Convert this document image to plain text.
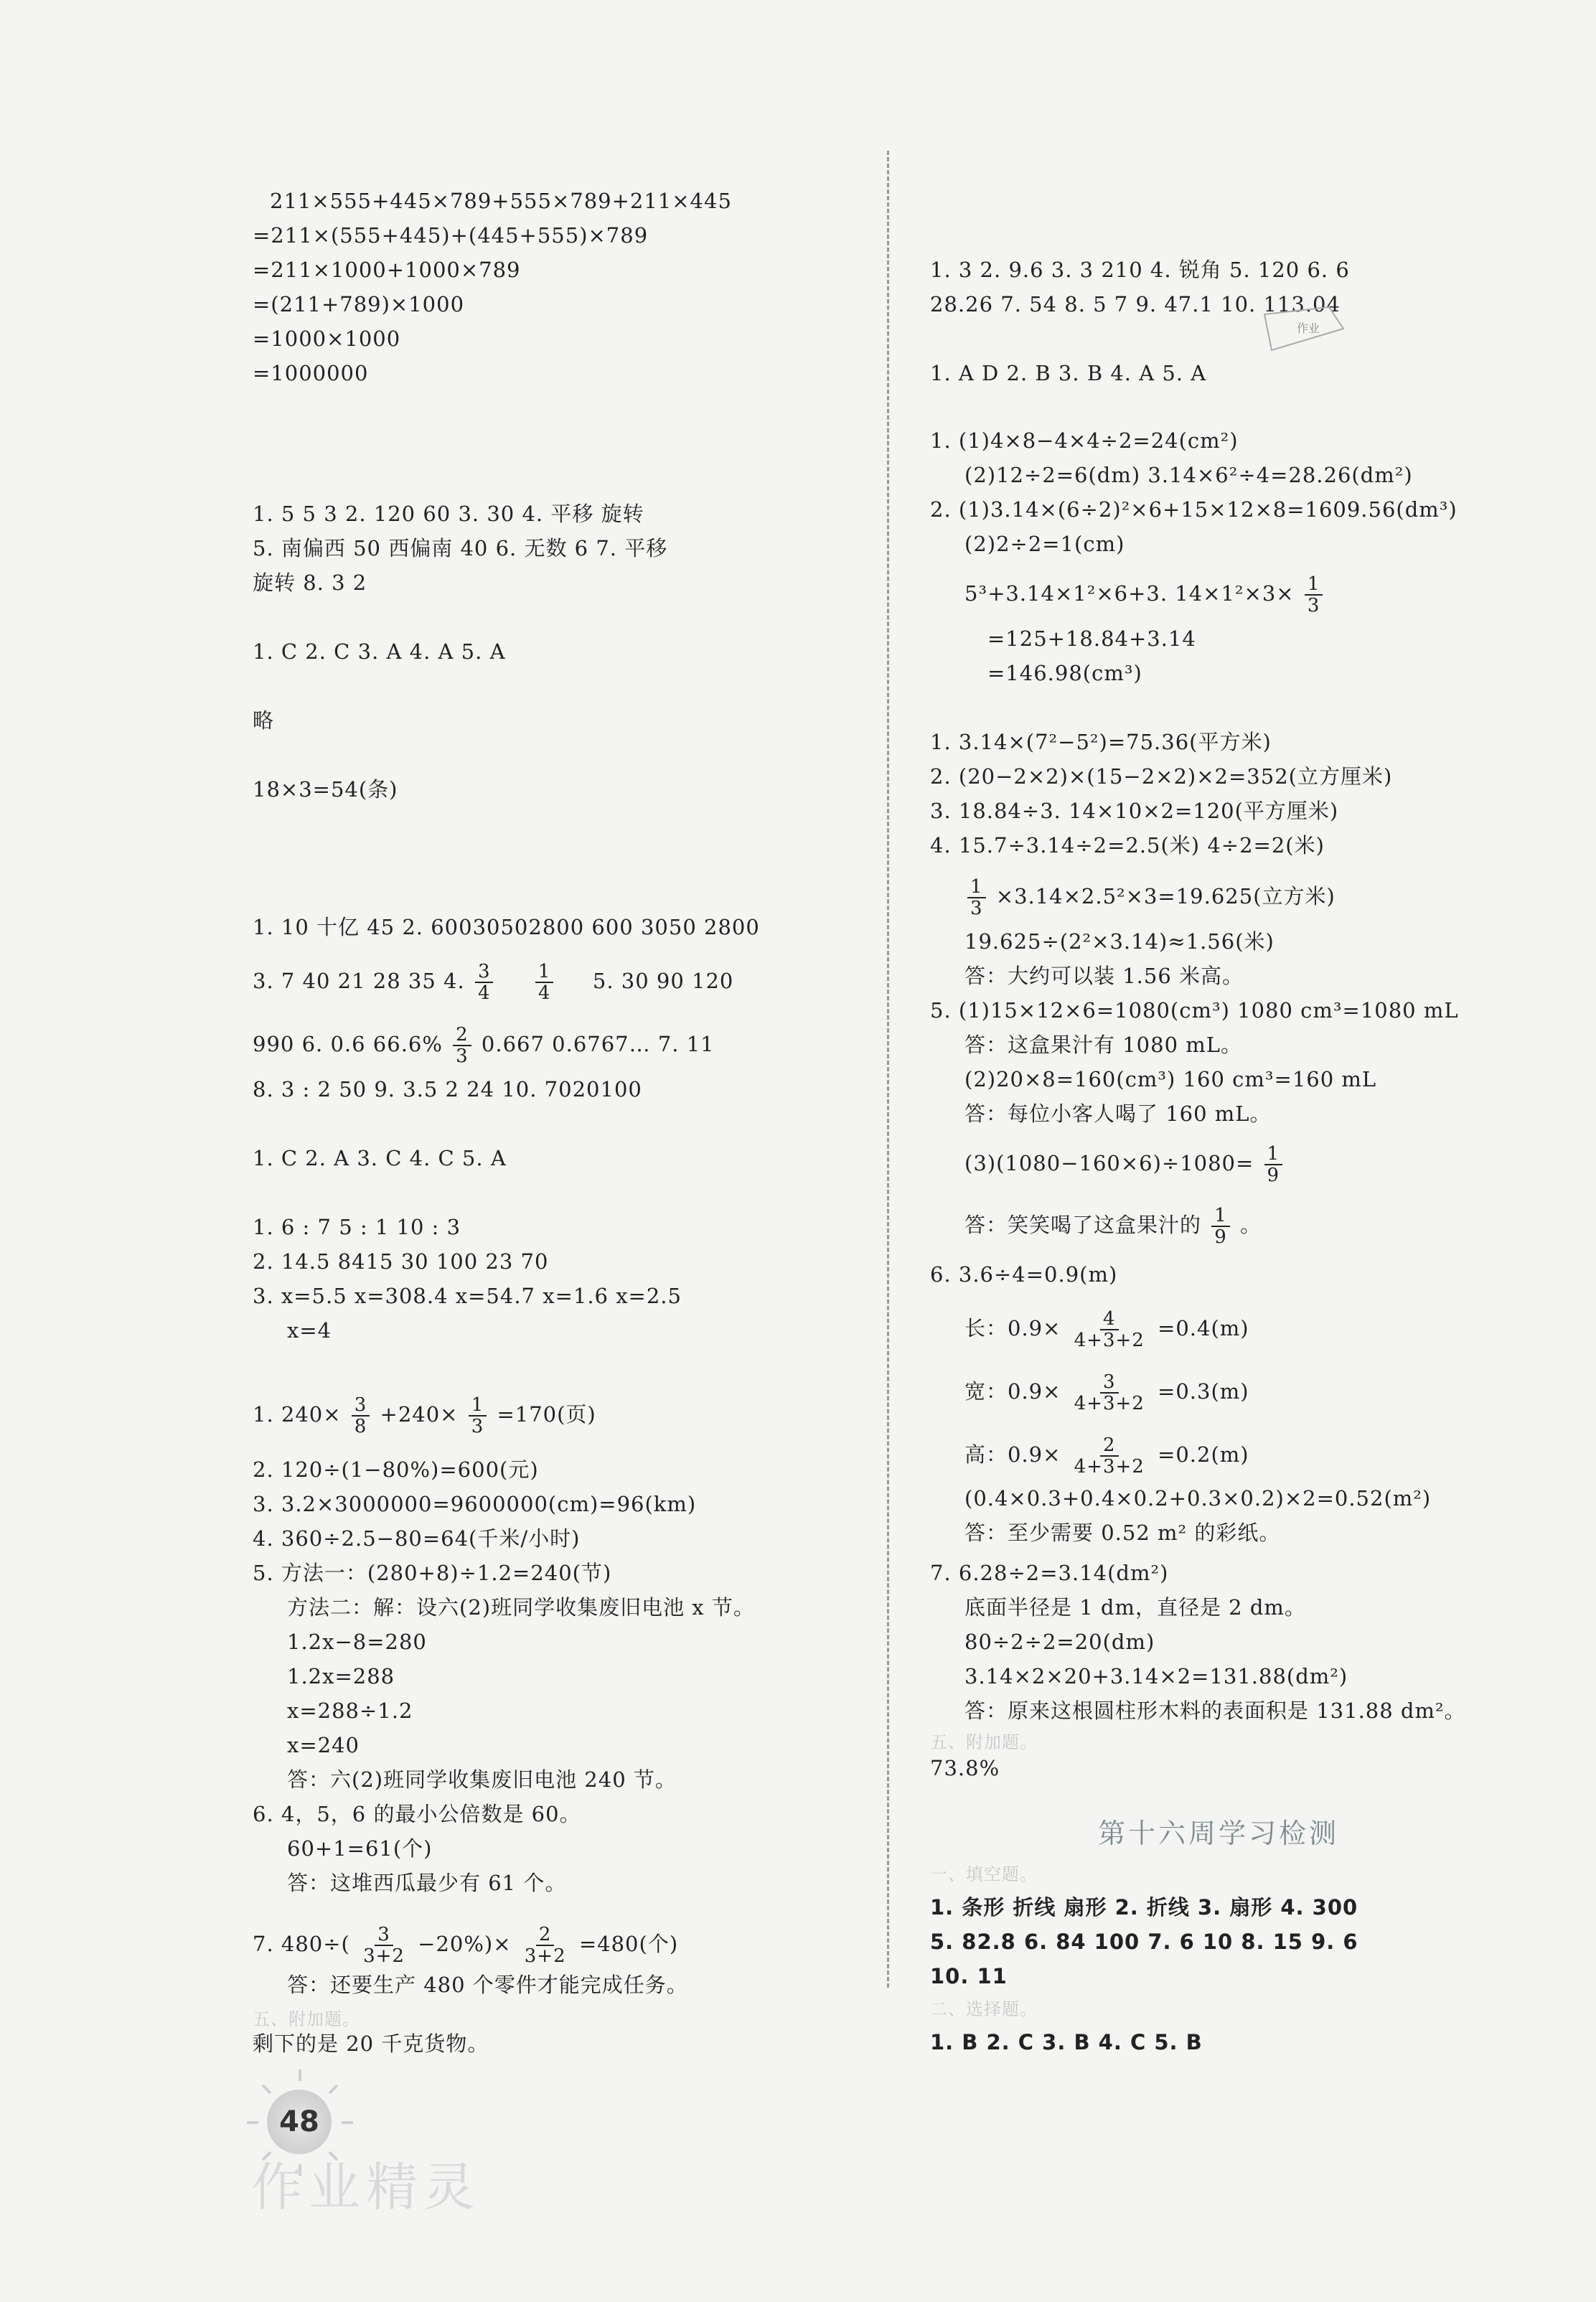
211×555+445×789+555×789+211×445
=211×(555+445)+(445+555)×789
=211×1000+1000×789
=(211+789)×1000
=1000×1000
=1000000
1. 5 5 3 2. 120 60 3. 30 4. 平移 旋转
5. 南偏西 50 西偏南 40 6. 无数 6 7. 平移
旋转 8. 3 2
1. C 2. C 3. A 4. A 5. A
略
18×3=54(条)
1. 10 十亿 45 2. 60030502800 600 3050 2800
3. 7 40 21 28 35 4. $\frac{3}{4}$
$\frac{1}{4} 5$. 30 90 120
990 6. 0.6 $66.6\% \frac{2}{3} 0.667$ 0.6767… 7. 11
8. 3 : 2 50 9. 3.5 2 24 10. 7020100
1. C 2. A 3. C 4. C 5. A
1. 6 : 7 5 : 1 10 : 3
2. 14.5 8415 30 100 23 70
3. x=5.5 x=308.4 x=54.7 x=1.6 x=2.5
x=4
1. $240\times \frac{3}{8} +240\times \frac{1}{3} =170$(页)
2. 120÷(1−80%)=600(元)
3. 3.2×3000000=9600000(cm)=96(km)
4. 360÷2.5−80=64(千米/小时)
5. 方法一：(280+8)÷1.2=240(节)
方法二：解：设六(2)班同学收集废旧电池 x 节。
1.2x−8=280
1.2x=288
x=288÷1.2
x=240
答：六(2)班同学收集废旧电池 240 节。
6. 4，5，6 的最小公倍数是 60。
60+1=61(个)
答：这堆西瓜最少有 61 个。
7. $480\div( \frac{3}{3+2} -20\%)\times \frac{2}{3+2} =480$(个)
答：还要生产 480 个零件才能完成任务。
五、附加题。
剩下的是 20 千克货物。
48
作业精灵
1. 3 2. 9.6 3. 3 210 4. 锐角 5. 120 6. 6
28.26 7. 54 8. 5 7 9. 47.1 10. 113.04
作业
1. A D 2. B 3. B 4. A 5. A
1. (1)4×8−4×4÷2=24(cm²)
(2)12÷2=6(dm) 3.14×6²÷4=28.26(dm²)
2. (1)3.14×(6÷2)²×6+15×12×8=1609.56(dm³)
(2)2÷2=1(cm)
5³+3.14×1²×6+3. $14\times 1^2\times 3\times \frac{1}{3}$
=125+18.84+3.14
=146.98(cm³)
1. 3.14×(7²−5²)=75.36(平方米)
2. (20−2×2)×(15−2×2)×2=352(立方厘米)
3. 18.84÷3. 14×10×2=120(平方厘米)
4. 15.7÷3.14÷2=2.5(米) 4÷2=2(米)
$\frac{1}{3} \times 3.14\times 2.5^2\times 3=19.625$(立方米)
19.625÷(2²×3.14)≈1.56(米)
答：大约可以装 1.56 米高。
5. (1)15×12×6=1080(cm³) 1080 cm³=1080 mL
答：这盒果汁有 1080 mL。
(2)20×8=160(cm³) 160 cm³=160 mL
答：每位小客人喝了 160 mL。
$(3)(1080-160\times 6)\div 1080= \frac{1}{9}$
答：笑笑喝了这盒果汁的 $\frac{1}{9}$ 。
6. 3.6÷4=0.9(m)
长：$0.9\times \frac{4}{4+3+2} =0.4(m)$
宽：$0.9\times \frac{3}{4+3+2} =0.3(m)$
高：$0.9\times \frac{2}{4+3+2} =0.2(m)$
(0.4×0.3+0.4×0.2+0.3×0.2)×2=0.52(m²)
答：至少需要 0.52 m² 的彩纸。
7. 6.28÷2=3.14(dm²)
底面半径是 1 dm，直径是 2 dm。
80÷2÷2=20(dm)
3.14×2×20+3.14×2=131.88(dm²)
答：原来这根圆柱形木料的表面积是 131.88 dm²。
五、附加题。
73.8%
第十六周学习检测
一、填空题。
1. 条形 折线 扇形 2. 折线 3. 扇形 4. 300
5. 82.8 6. 84 100 7. 6 10 8. 15 9. 6
10. 11
二、选择题。
1. B 2. C 3. B 4. C 5. B
